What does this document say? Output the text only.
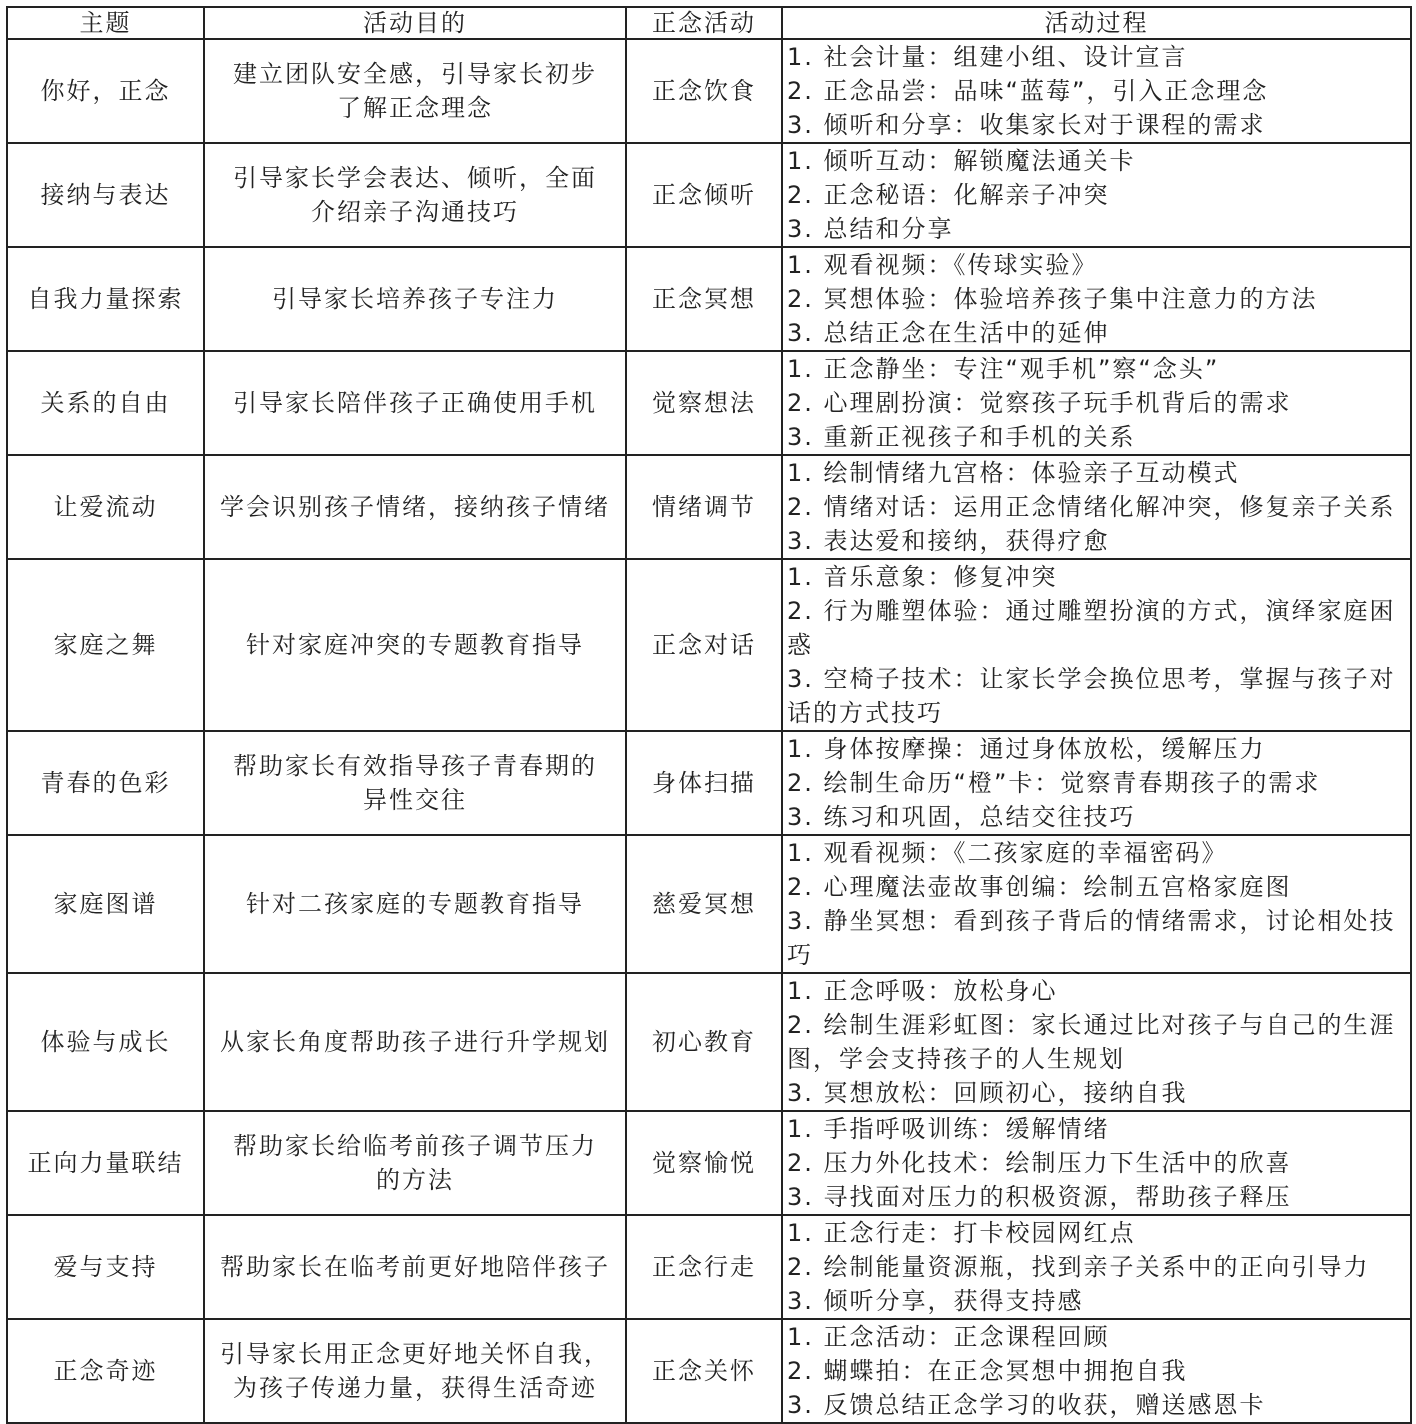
主题	活动目的	正念活动	活动过程
你好，正念	建立团队安全感，引导家长初步了解正念理念	正念饮食	1. 社会计量：组建小组、设计宣言
2. 正念品尝：品味“蓝莓”，引入正念理念
3. 倾听和分享：收集家长对于课程的需求

接纳与表达	引导家长学会表达、倾听，全面介绍亲子沟通技巧	正念倾听	1. 倾听互动：解锁魔法通关卡
2. 正念秘语：化解亲子冲突
3. 总结和分享

自我力量探索	引导家长培养孩子专注力	正念冥想	1. 观看视频：《传球实验》
2. 冥想体验：体验培养孩子集中注意力的方法
3. 总结正念在生活中的延伸

关系的自由	引导家长陪伴孩子正确使用手机	觉察想法	1. 正念静坐：专注“观手机”察“念头”
2. 心理剧扮演：觉察孩子玩手机背后的需求
3. 重新正视孩子和手机的关系

让爱流动	学会识别孩子情绪，接纳孩子情绪	情绪调节	1. 绘制情绪九宫格：体验亲子互动模式
2. 情绪对话：运用正念情绪化解冲突，修复亲子关系
3. 表达爱和接纳，获得疗愈

家庭之舞	针对家庭冲突的专题教育指导	正念对话	1. 音乐意象：修复冲突
2. 行为雕塑体验：通过雕塑扮演的方式，演绎家庭困惑
3. 空椅子技术：让家长学会换位思考，掌握与孩子对话的方式技巧

青春的色彩	帮助家长有效指导孩子青春期的异性交往	身体扫描	1. 身体按摩操：通过身体放松，缓解压力
2. 绘制生命历“橙”卡：觉察青春期孩子的需求
3. 练习和巩固，总结交往技巧

家庭图谱	针对二孩家庭的专题教育指导	慈爱冥想	1. 观看视频：《二孩家庭的幸福密码》
2. 心理魔法壶故事创编：绘制五宫格家庭图
3. 静坐冥想：看到孩子背后的情绪需求，讨论相处技巧

体验与成长	从家长角度帮助孩子进行升学规划	初心教育	1. 正念呼吸：放松身心
2. 绘制生涯彩虹图：家长通过比对孩子与自己的生涯图，学会支持孩子的人生规划
3. 冥想放松：回顾初心，接纳自我

正向力量联结	帮助家长给临考前孩子调节压力的方法	觉察愉悦	1. 手指呼吸训练：缓解情绪
2. 压力外化技术：绘制压力下生活中的欣喜
3. 寻找面对压力的积极资源，帮助孩子释压

爱与支持	帮助家长在临考前更好地陪伴孩子	正念行走	1. 正念行走：打卡校园网红点
2. 绘制能量资源瓶，找到亲子关系中的正向引导力
3. 倾听分享，获得支持感

正念奇迹	引导家长用正念更好地关怀自我，为孩子传递力量，获得生活奇迹	正念关怀	1. 正念活动：正念课程回顾
2. 蝴蝶拍：在正念冥想中拥抱自我
3. 反馈总结正念学习的收获，赠送感恩卡
